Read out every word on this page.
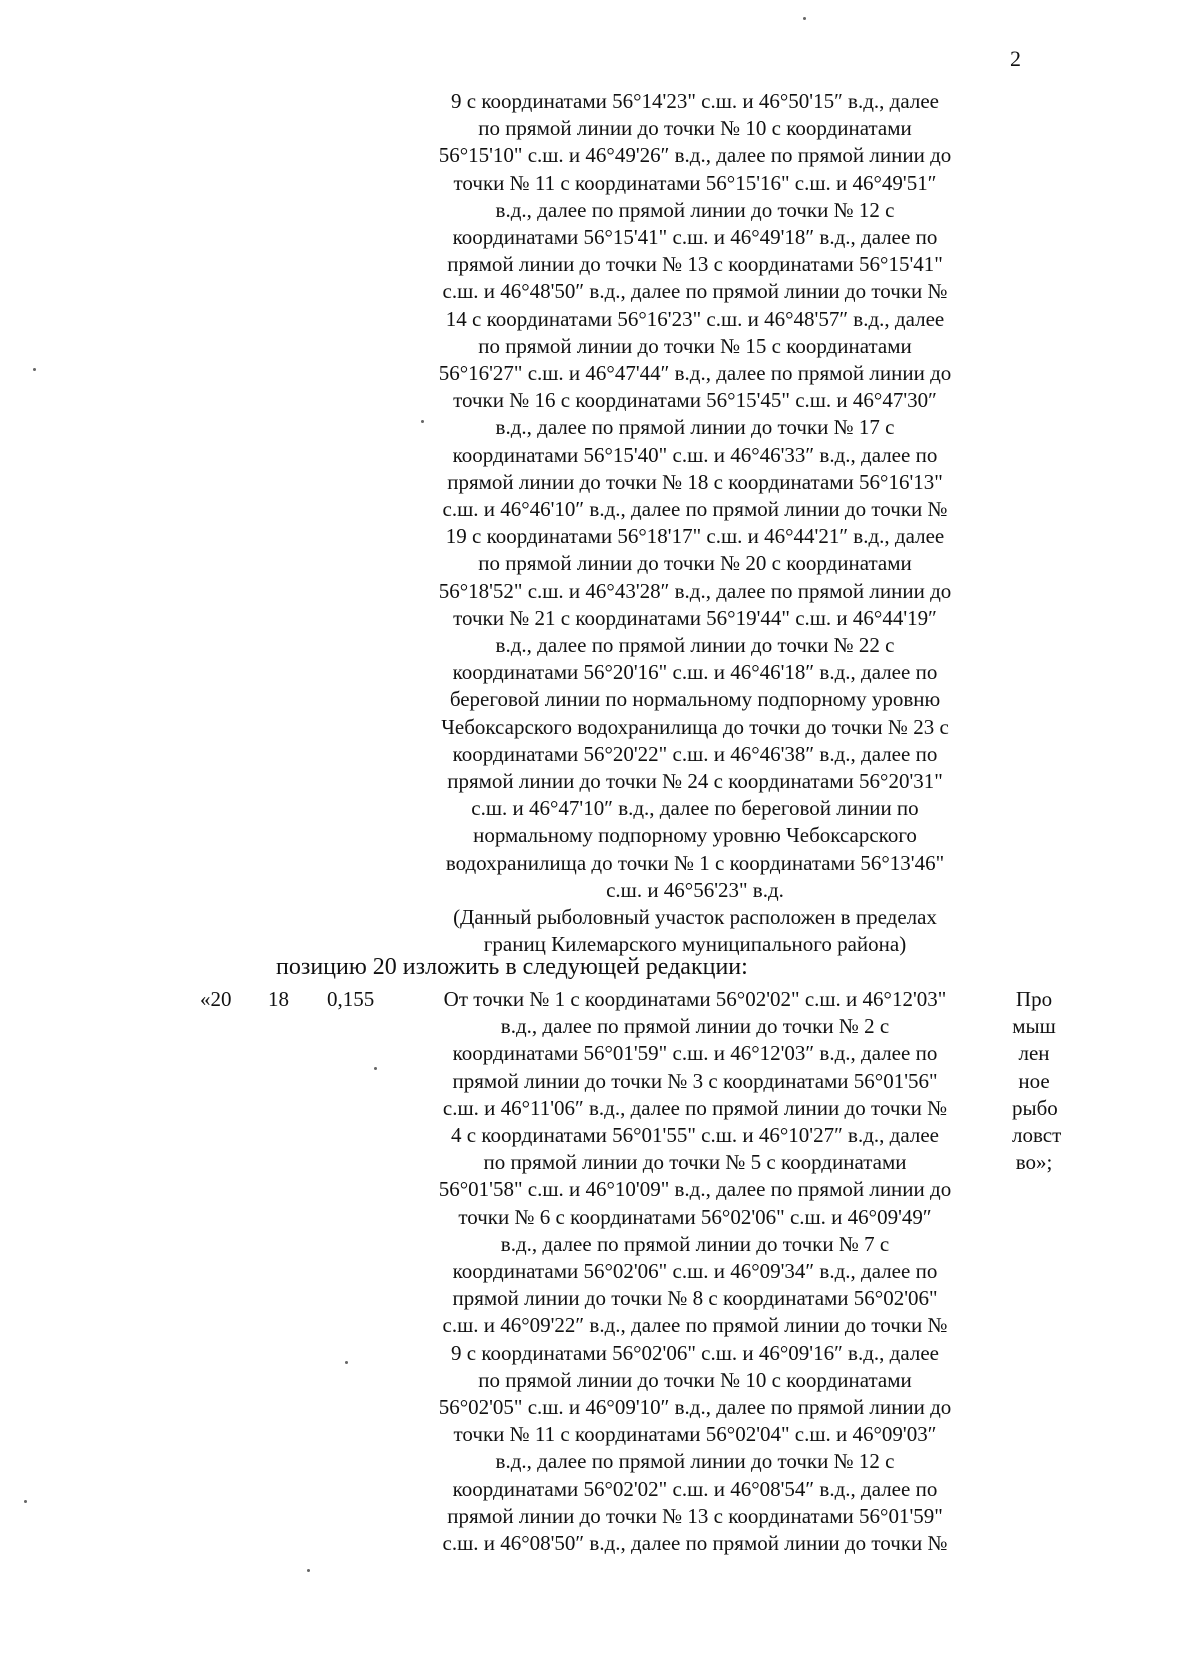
2
9 с координатами 56°14'23" с.ш. и 46°50'15″ в.д., далее
по прямой линии до точки № 10 с координатами
56°15'10" с.ш. и 46°49'26″ в.д., далее по прямой линии до
точки № 11 с координатами 56°15'16" с.ш. и 46°49'51″
в.д., далее по прямой линии до точки № 12 с
координатами 56°15'41" с.ш. и 46°49'18″ в.д., далее по
прямой линии до точки № 13 с координатами 56°15'41"
с.ш. и 46°48'50″ в.д., далее по прямой линии до точки №
14 с координатами 56°16'23" с.ш. и 46°48'57″ в.д., далее
по прямой линии до точки № 15 с координатами
56°16'27" с.ш. и 46°47'44″ в.д., далее по прямой линии до
точки № 16 с координатами 56°15'45" с.ш. и 46°47'30″
в.д., далее по прямой линии до точки № 17 с
координатами 56°15'40" с.ш. и 46°46'33″ в.д., далее по
прямой линии до точки № 18 с координатами 56°16'13"
с.ш. и 46°46'10″ в.д., далее по прямой линии до точки №
19 с координатами 56°18'17" с.ш. и 46°44'21″ в.д., далее
по прямой линии до точки № 20 с координатами
56°18'52" с.ш. и 46°43'28″ в.д., далее по прямой линии до
точки № 21 с координатами 56°19'44" с.ш. и 46°44'19″
в.д., далее по прямой линии до точки № 22 с
координатами 56°20'16" с.ш. и 46°46'18″ в.д., далее по
береговой линии по нормальному подпорному уровню
Чебоксарского водохранилища до точки до точки № 23 с
координатами 56°20'22" с.ш. и 46°46'38″ в.д., далее по
прямой линии до точки № 24 с координатами 56°20'31"
с.ш. и 46°47'10″ в.д., далее по береговой линии по
нормальному подпорному уровню Чебоксарского
водохранилища до точки № 1 с координатами 56°13'46"
с.ш. и 46°56'23" в.д.
(Данный рыболовный участок расположен в пределах
границ Килемарского муниципального района)
позицию 20 изложить в следующей редакции:
«20 18 0,155	От точки № 1 с координатами 56°02'02" с.ш. и 46°12'03"
в.д., далее по прямой линии до точки № 2 с
координатами 56°01'59" с.ш. и 46°12'03″ в.д., далее по
прямой линии до точки № 3 с координатами 56°01'56"
с.ш. и 46°11'06″ в.д., далее по прямой линии до точки №
4 с координатами 56°01'55" с.ш. и 46°10'27″ в.д., далее
по прямой линии до точки № 5 с координатами
56°01'58" с.ш. и 46°10'09" в.д., далее по прямой линии до
точки № 6 с координатами 56°02'06" с.ш. и 46°09'49″
в.д., далее по прямой линии до точки № 7 с
координатами 56°02'06" с.ш. и 46°09'34″ в.д., далее по
прямой линии до точки № 8 с координатами 56°02'06"
с.ш. и 46°09'22″ в.д., далее по прямой линии до точки №
9 с координатами 56°02'06" с.ш. и 46°09'16″ в.д., далее
по прямой линии до точки № 10 с координатами
56°02'05" с.ш. и 46°09'10″ в.д., далее по прямой линии до
точки № 11 с координатами 56°02'04" с.ш. и 46°09'03″
в.д., далее по прямой линии до точки № 12 с
координатами 56°02'02" с.ш. и 46°08'54″ в.д., далее по
прямой линии до точки № 13 с координатами 56°01'59"
с.ш. и 46°08'50″ в.д., далее по прямой линии до точки №
Про
мыш
лен
ное
рыбо
ловст
во»;
